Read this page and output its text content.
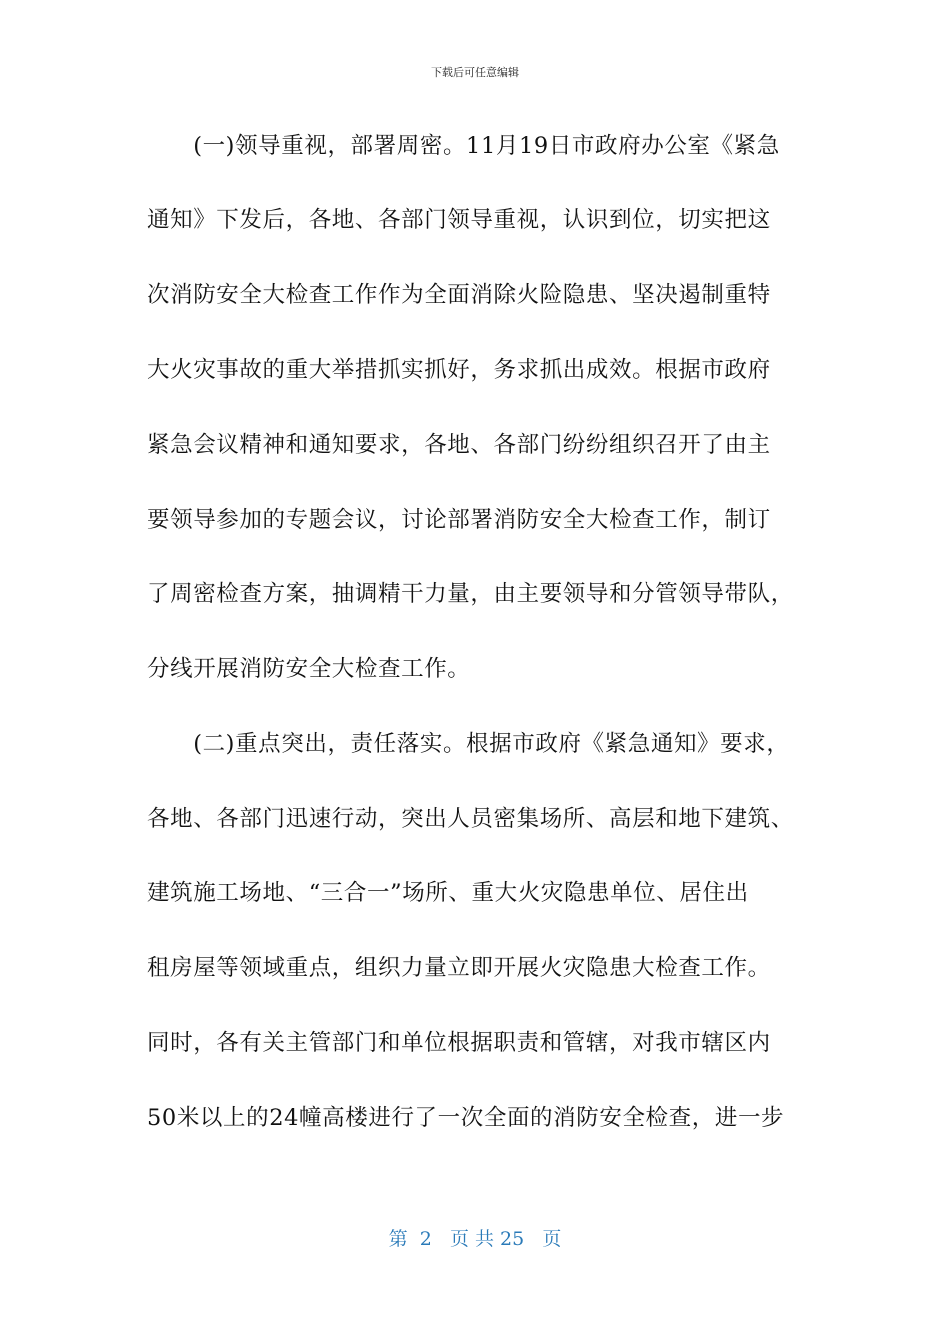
下载后可任意编辑
　　(一)领导重视，部署周密。11月19日市政府办公室《紧急
通知》下发后，各地、各部门领导重视，认识到位，切实把这
次消防安全大检查工作作为全面消除火险隐患、坚决遏制重特
大火灾事故的重大举措抓实抓好，务求抓出成效。根据市政府
紧急会议精神和通知要求，各地、各部门纷纷组织召开了由主
要领导参加的专题会议，讨论部署消防安全大检查工作，制订
了周密检查方案，抽调精干力量，由主要领导和分管领导带队，
分线开展消防安全大检查工作。
　　(二)重点突出，责任落实。根据市政府《紧急通知》要求，
各地、各部门迅速行动，突出人员密集场所、高层和地下建筑、
建筑施工场地、“三合一”场所、重大火灾隐患单位、居住出
租房屋等领域重点，组织力量立即开展火灾隐患大检查工作。
同时，各有关主管部门和单位根据职责和管辖，对我市辖区内
50米以上的24幢高楼进行了一次全面的消防安全检查，进一步
第  2   页 共 25   页
